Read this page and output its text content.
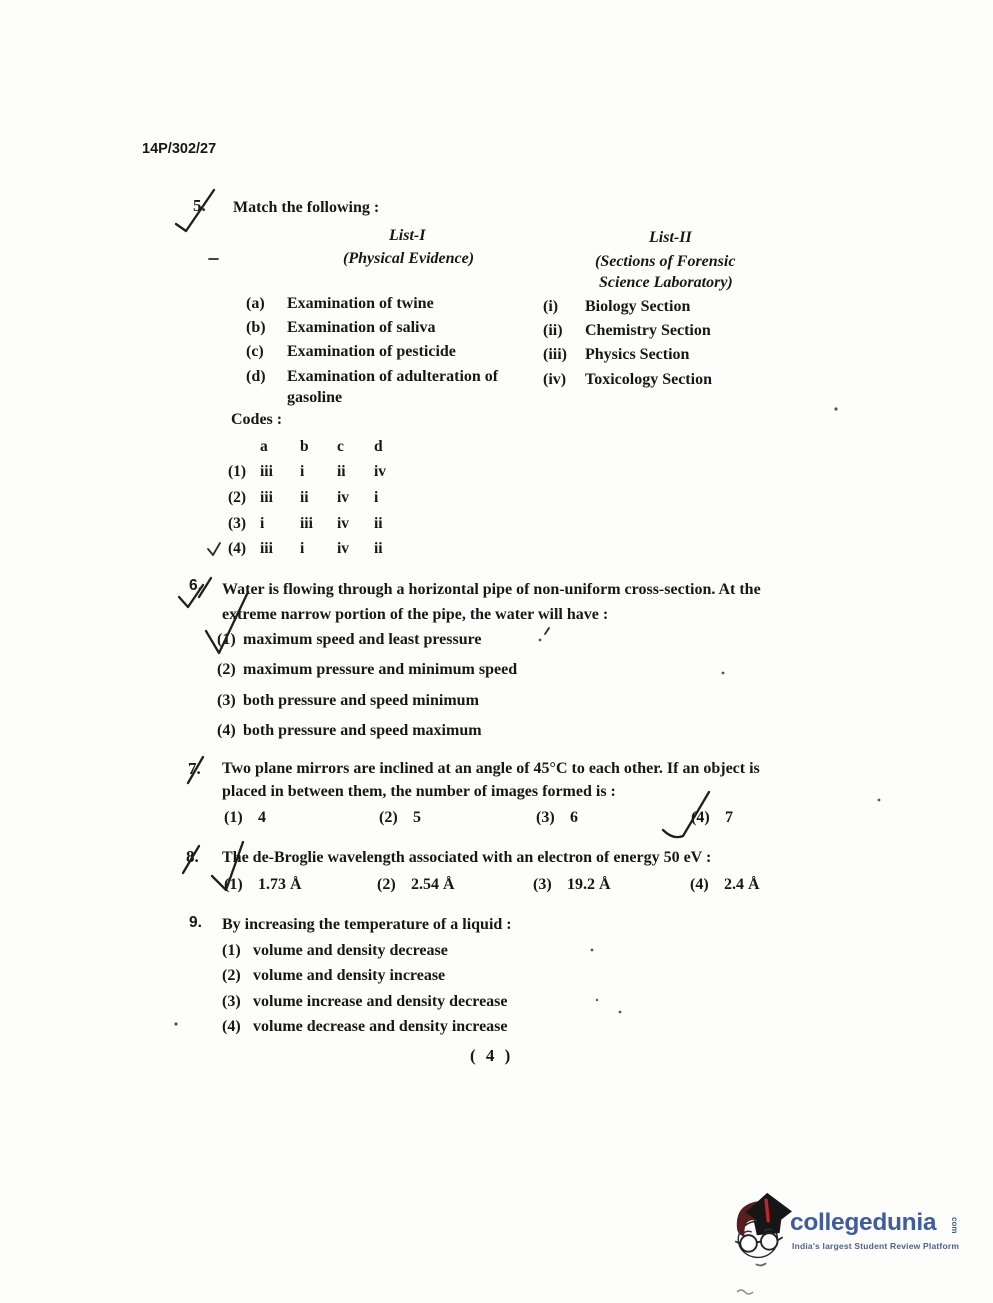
14P/302/27
5. Match the following :
List-I
(Physical Evidence)
List-II
(Sections of Forensic
Science Laboratory)
(a) Examination of twine
(b) Examination of saliva
(c) Examination of pesticide
(d) Examination of adulteration of
gasoline
(i) Biology Section
(ii) Chemistry Section
(iii) Physics Section
(iv) Toxicology Section
Codes :
a b c d
(1) iii i ii iv
(2) iii ii iv i
(3) i iii iv ii
(4) iii i iv ii
6. Water is flowing through a horizontal pipe of non-uniform cross-section. At the
extreme narrow portion of the pipe, the water will have :
(1) maximum speed and least pressure
(2) maximum pressure and minimum speed
(3) both pressure and speed minimum
(4) both pressure and speed maximum
7. Two plane mirrors are inclined at an angle of 45°C to each other. If an object is
placed in between them, the number of images formed is :
(1) 4	(2) 5	(3) 6	(4) 7
8. The de-Broglie wavelength associated with an electron of energy 50 eV :
(1) 1.73 Å	(2) 2.54 Å	(3) 19.2 Å	(4) 2.4 Å
9. By increasing the temperature of a liquid :
(1) volume and density decrease
(2) volume and density increase
(3) volume increase and density decrease
(4) volume decrease and density increase
( 4 )
collegedunia com
India's largest Student Review Platform
